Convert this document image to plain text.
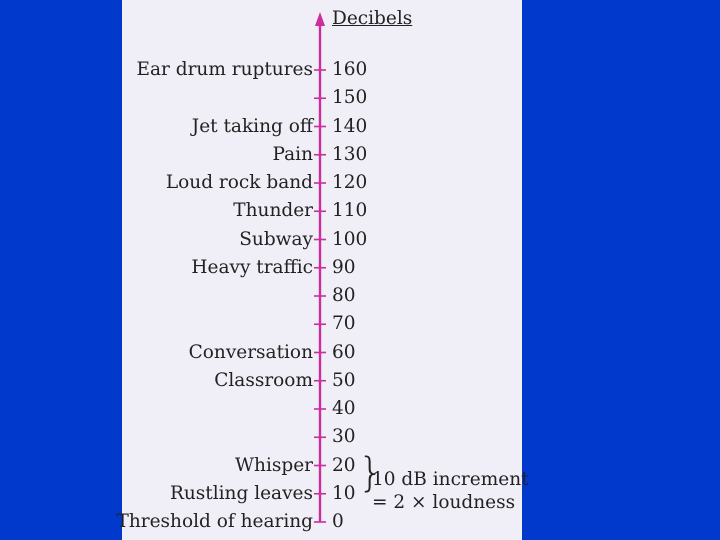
Decibels
160
Ear drum ruptures
150
140
Jet taking off
130
Pain
120
Loud rock band
110
Thunder
100
Subway
90
Heavy traffic
80
70
60
Conversation
50
Classroom
40
30
20
Whisper
10
Rustling leaves
0
Threshold of hearing
}
10 dB increment
= 2 × loudness
